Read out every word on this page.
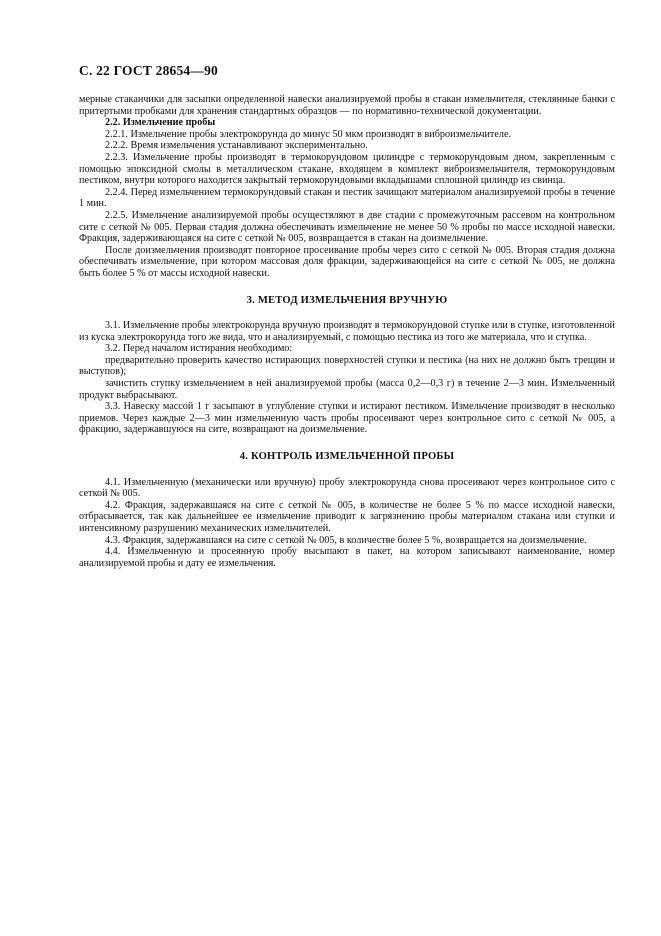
С. 22 ГОСТ 28654—90

мерные стаканчики для засыпки определенной навески анализируемой пробы в стакан измельчителя, стеклянные банки с притертыми пробками для хранения стандартных образцов — по нормативно-технической документации.

2.2. Измельчение пробы

2.2.1. Измельчение пробы электрокорунда до минус 50 мкм производят в виброизмельчителе.

2.2.2. Время измельчения устанавливают экспериментально.

2.2.3. Измельчение пробы производят в термокорундовом цилиндре с термокорундовым дном, закрепленным с помощью эпоксидной смолы в металлическом стакане, входящем в комплект виброизмельчителя, термокорундовым пестиком, внутри которого находится закрытый термокорундовыми вкладышами сплошной цилиндр из свинца.

2.2.4. Перед измельчением термокорундовый стакан и пестик зачищают материалом анализируемой пробы в течение 1 мин.

2.2.5. Измельчение анализируемой пробы осуществляют в две стадии с промежуточным рассевом на контрольном сите с сеткой № 005. Первая стадия должна обеспечивать измельчение не менее 50 % пробы по массе исходной навески. Фракция, задерживающаяся на сите с сеткой № 005, возвращается в стакан на доизмельчение.

После доизмельчения производят повторное просеивание пробы через сито с сеткой № 005. Вторая стадия должна обеспечивать измельчение, при котором массовая доля фракции, задерживающейся на сите с сеткой № 005, не должна быть более 5 % от массы исходной навески.

3. МЕТОД ИЗМЕЛЬЧЕНИЯ ВРУЧНУЮ

3.1. Измельчение пробы электрокорунда вручную производят в термокорундовой ступке или в ступке, изготовленной из куска электрокорунда того же вида, что и анализируемый, с помощью пестика из того же материала, что и ступка.

3.2. Перед началом истирания необходимо:

предварительно проверить качество истирающих поверхностей ступки и пестика (на них не должно быть трещин и выступов);

зачистить ступку измельчением в ней анализируемой пробы (масса 0,2—0,3 г) в течение 2—3 мин. Измельченный продукт выбрасывают.

3.3. Навеску массой 1 г засыпают в углубление ступки и истирают пестиком. Измельчение производят в несколько приемов. Через каждые 2—3 мин измельченную часть пробы просеивают через контрольное сито с сеткой № 005, а фракцию, задержавшуюся на сите, возвращают на доизмельчение.

4. КОНТРОЛЬ ИЗМЕЛЬЧЕННОЙ ПРОБЫ

4.1. Измельченную (механически или вручную) пробу электрокорунда снова просеивают через контрольное сито с сеткой № 005.

4.2. Фракция, задержавшаяся на сите с сеткой № 005, в количестве не более 5 % по массе исходной навески, отбрасывается, так как дальнейшее ее измельчение приводит к загрязнению пробы материалом стакана или ступки и интенсивному разрушению механических измельчителей.

4.3. Фракция, задержавшаяся на сите с сеткой № 005, в количестве более 5 %, возвращается на доизмельчение.

4.4. Измельченную и просеянную пробу высыпают в пакет, на котором записывают наименование, номер анализируемой пробы и дату ее измельчения.
